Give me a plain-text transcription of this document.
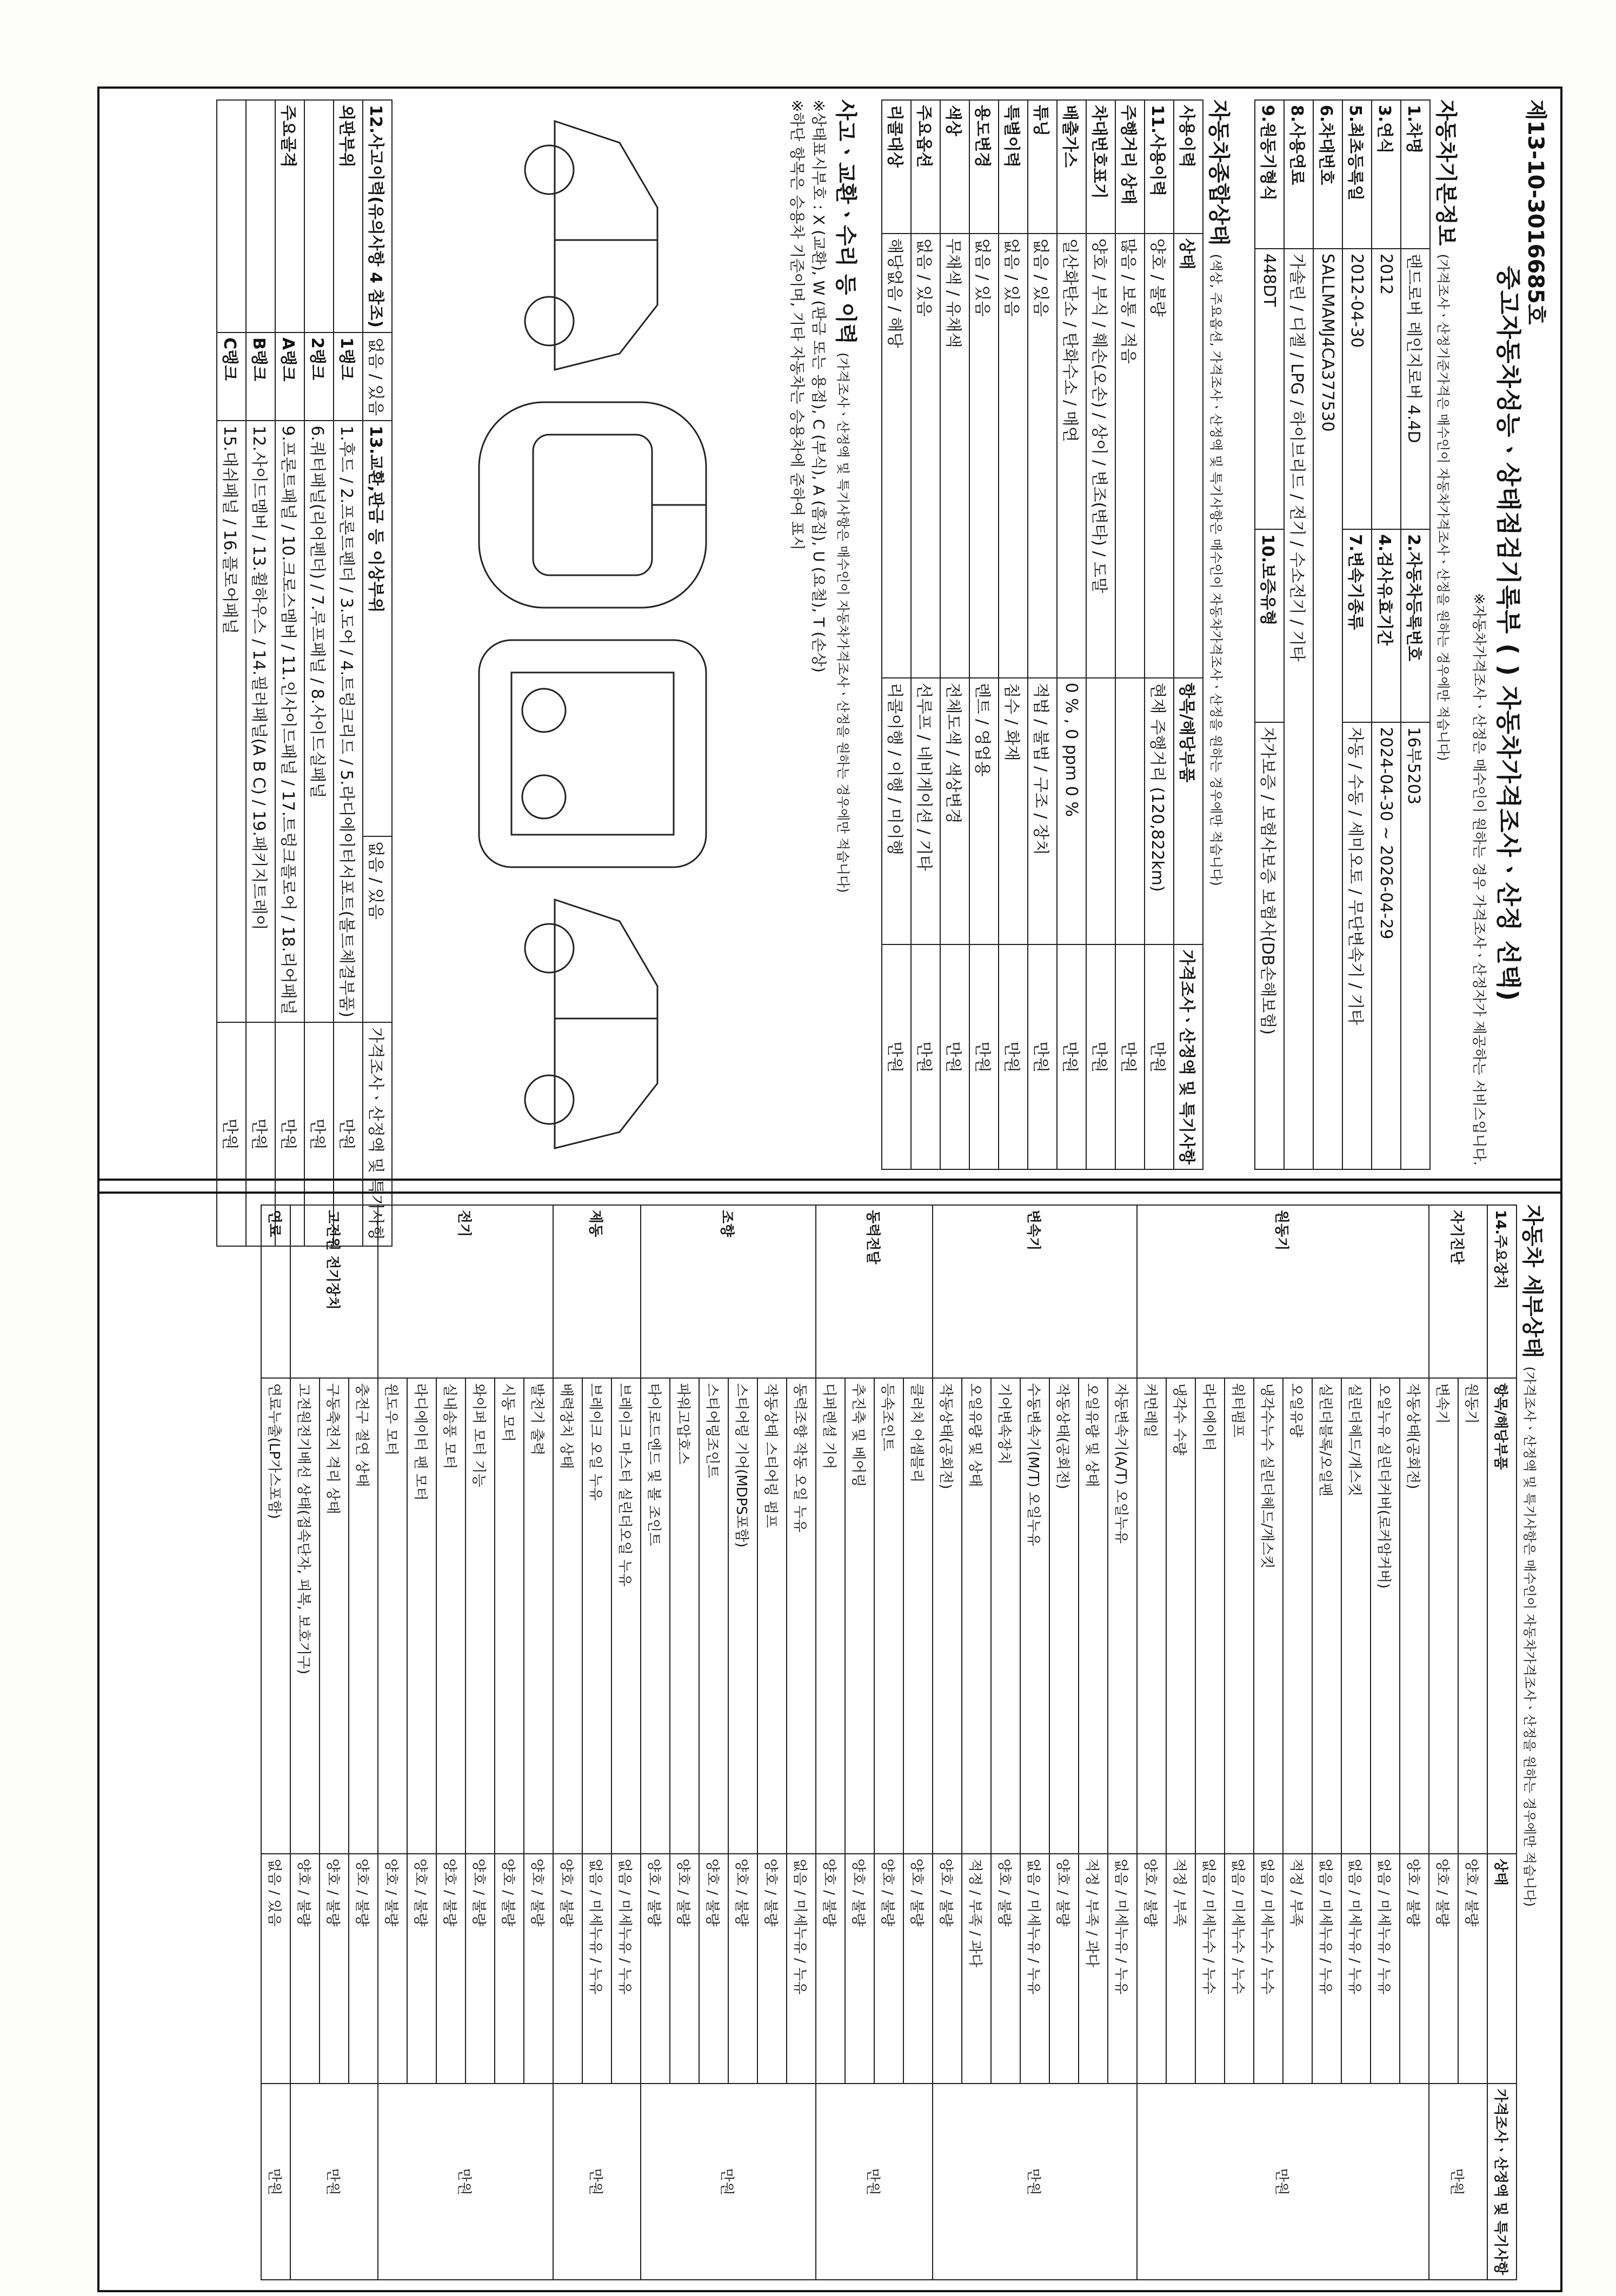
제13-10-3016685호
중고자동차성능ㆍ상태점검기록부 ( ) 자동차가격조사ㆍ산정 선택)
※자동차가격조사ㆍ산정은 매수인이 원하는 경우 가격조사ㆍ산정자가 제공하는 서비스입니다.
자동차기본정보 (가격조사ㆍ산정기준가격은 매수인이 자동차가격조사ㆍ산정을 원하는 경우에만 적습니다)
1.차명	랜드로버 레인지로버 4.4D	2.자동차등록번호	16부5203
3.연식	2012	4.검사유효기간	2024-04-30 ~ 2026-04-29
5.최초등록일	2012-04-30	7.변속기종류	자동 / 수동 / 세미오토 / 무단변속기 / 기타
6.차대번호	SALLMAMJ4CA377530		
8.사용연료	가솔린 / 디젤 / LPG / 하이브리드 / 전기 / 수소전기 / 기타		
9.원동기형식	448DT	10.보증유형	자가보증 / 보험사보증 보험사(DB손해보험)
자동차종합상태 (색상, 주요옵션, 가격조사ㆍ산정액 및 특기사항은 매수인이 자동차가격조사ㆍ산정을 원하는 경우에만 적습니다)
사용이력	상태	항목/해당부품	가격조사ㆍ산정액 및 특기사항
11.사용이력	양호 / 불량	현재 주행거리 (120,822km)	만원
주행거리 상태	많음 / 보통 / 적음		만원
차대번호표기	양호 / 부식 / 훼손(오손) / 상이 / 변조(변타) / 도말		만원
배출가스	일산화탄소 / 탄화수소 / 매연	0 % , 0 ppm 0 %	만원
튜닝	없음 / 있음	적법 / 불법 / 구조 / 장치	만원
특별이력	없음 / 있음	침수 / 화재	만원
용도변경	없음 / 있음	렌트 / 영업용	만원
색상	무채색 / 유채색	전체도색 / 색상변경	만원
주요옵션	없음 / 있음	선루프 / 네비게이션 / 기타	만원
리콜대상	해당없음 / 해당	리콜이행 / 이행 / 미이행	만원
사고ㆍ교환ㆍ수리 등 이력 (가격조사ㆍ산정액 및 특기사항은 매수인이 자동차가격조사ㆍ산정을 원하는 경우에만 적습니다)
※상태표시부호 : X (교환), W (판금 또는 용접), C (부식), A (흠집), U (요철), T (손상)
※하단 항목은 승용차 기준이며, 기타 자동차는 승용차에 준하여 표시
12.사고이력(유의사항 4 참조)	없음 / 있음	13.교환,판금 등 이상부위	없음 / 있음	가격조사ㆍ산정액 및 특기사항
외판부위	1랭크	1.후드 / 2.프론트펜더 / 3.도어 / 4.트렁크리드 / 5.라디에이터서포트(볼트체결부품)		만원
	2랭크	6.쿼터패널(리어펜더) / 7.루프패널 / 8.사이드실패널		만원
주요골격	A랭크	9.프론트패널 / 10.크로스멤버 / 11.인사이드패널 / 17.트렁크플로어 / 18.리어패널		만원
	B랭크	12.사이드멤버 / 13.휠하우스 / 14.필러패널(A B C) / 19.패키지트레이		만원
	C랭크	15.대쉬패널 / 16.플로어패널		만원
자동차 세부상태 (가격조사ㆍ산정액 및 특기사항은 매수인이 자동차가격조사ㆍ산정을 원하는 경우에만 적습니다)
14.주요장치	항목/해당부품	상태	가격조사ㆍ산정액 및 특기사항
자기진단	원동기	양호 / 불량	만원
	변속기	양호 / 불량	
원동기	작동상태(공회전)	양호 / 불량	만원
	오일누유 실린더커버(로커암커버)	없음 / 미세누유 / 누유	
	실린더헤드/개스킷	없음 / 미세누유 / 누유	
	실린더블록/오일팬	없음 / 미세누유 / 누유	
	오일유량	적정 / 부족	
	냉각수누수 실린더헤드/개스킷	없음 / 미세누수 / 누수	
	워터펌프	없음 / 미세누수 / 누수	
	라디에이터	없음 / 미세누수 / 누수	
	냉각수 수량	적정 / 부족	
	커먼레일	양호 / 불량	
변속기	자동변속기(A/T) 오일누유	없음 / 미세누유 / 누유	만원
	오일유량 및 상태	적정 / 부족 / 과다	
	작동상태(공회전)	양호 / 불량	
	수동변속기(M/T) 오일누유	없음 / 미세누유 / 누유	
	기어변속장치	양호 / 불량	
	오일유량 및 상태	적정 / 부족 / 과다	
	작동상태(공회전)	양호 / 불량	
동력전달	클러치 어셈블리	양호 / 불량	만원
	등속조인트	양호 / 불량	
	추진축 및 베어링	양호 / 불량	
	디퍼렌셜 기어	양호 / 불량	
조향	동력조향 작동 오일 누유	없음 / 미세누유 / 누유	만원
	작동상태 스티어링 펌프	양호 / 불량	
	스티어링 기어(MDPS포함)	양호 / 불량	
	스티어링조인트	양호 / 불량	
	파워고압호스	양호 / 불량	
	타이로드엔드 및 볼 조인트	양호 / 불량	
제동	브레이크 마스터 실린더오일 누유	없음 / 미세누유 / 누유	만원
	브레이크 오일 누유	없음 / 미세누유 / 누유	
	배력장치 상태	양호 / 불량	
전기	발전기 출력	양호 / 불량	만원
	시동 모터	양호 / 불량	
	와이퍼 모터 기능	양호 / 불량	
	실내송풍 모터	양호 / 불량	
	라디에이터 팬 모터	양호 / 불량	
	윈도우 모터	양호 / 불량	
고전원 전기장치	충전구 절연 상태	양호 / 불량	만원
	구동축전지 격리 상태	양호 / 불량	
	고전원전기배선 상태(접속단자, 피복, 보호기구)	양호 / 불량	
연료	연료누출(LP가스포함)	없음 / 있음	만원
